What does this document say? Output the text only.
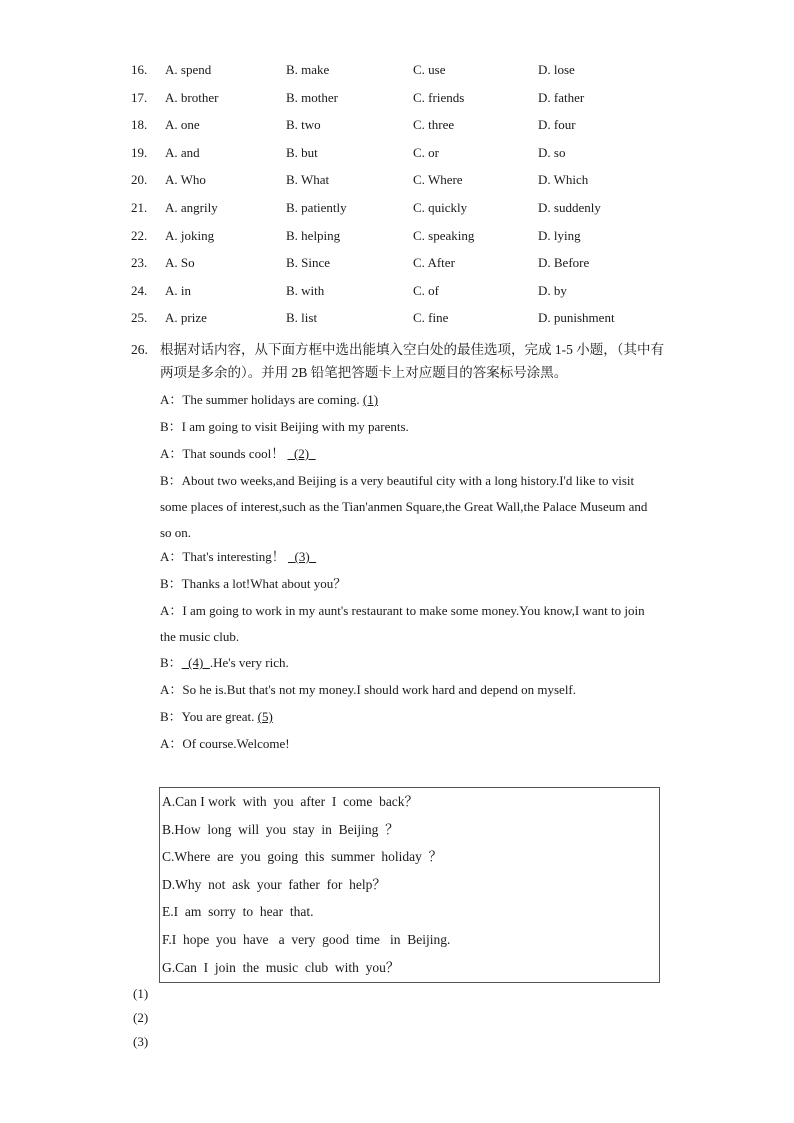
16. A. spend	B. make	C. use	D. lose
17. A. brother	B. mother	C. friends	D. father
18. A. one	B. two	C. three	D. four
19. A. and	B. but	C. or	D. so
20. A. Who	B. What	C. Where	D. Which
21. A. angrily	B. patiently	C. quickly	D. suddenly
22. A. joking	B. helping	C. speaking	D. lying
23. A. So	B. Since	C. After	D. Before
24. A. in	B. with	C. of	D. by
25. A. prize	B. list	C. fine	D. punishment
26. 根据对话内容，从下面方框中选出能填入空白处的最佳选项，完成 1-5 小题，（其中有两项是多余的）。并用 2B 铅笔把答题卡上对应题目的答案标号涂黑。
A：The summer holidays are coming. (1)
B：I am going to visit Beijing with my parents.
A：That sounds cool！   (2)
B：About two weeks,and Beijing is a very beautiful city with a long history.I'd like to visit some places of interest,such as the Tian'anmen Square,the Great Wall,the Palace Museum and so on.
A：That's interesting！   (3)
B：Thanks a lot!What about you？
A：I am going to work in my aunt's restaurant to make some money.You know,I want to join the music club.
B：  (4)  .He's very rich.
A：So he is.But that's not my money.I should work hard and depend on myself.
B：You are great. (5)
A：Of course.Welcome!
A.Can I work  with  you  after  I  come  back？
B.How  long  will  you  stay  in  Beijing  ？
C.Where  are  you  going  this  summer  holiday  ？
D.Why  not  ask  your  father  for  help？
E.I  am  sorry  to  hear  that.
F.I  hope  you  have   a  very  good  time   in  Beijing.
G.Can  I  join  the  music  club  with  you？
(1)
(2)
(3)
